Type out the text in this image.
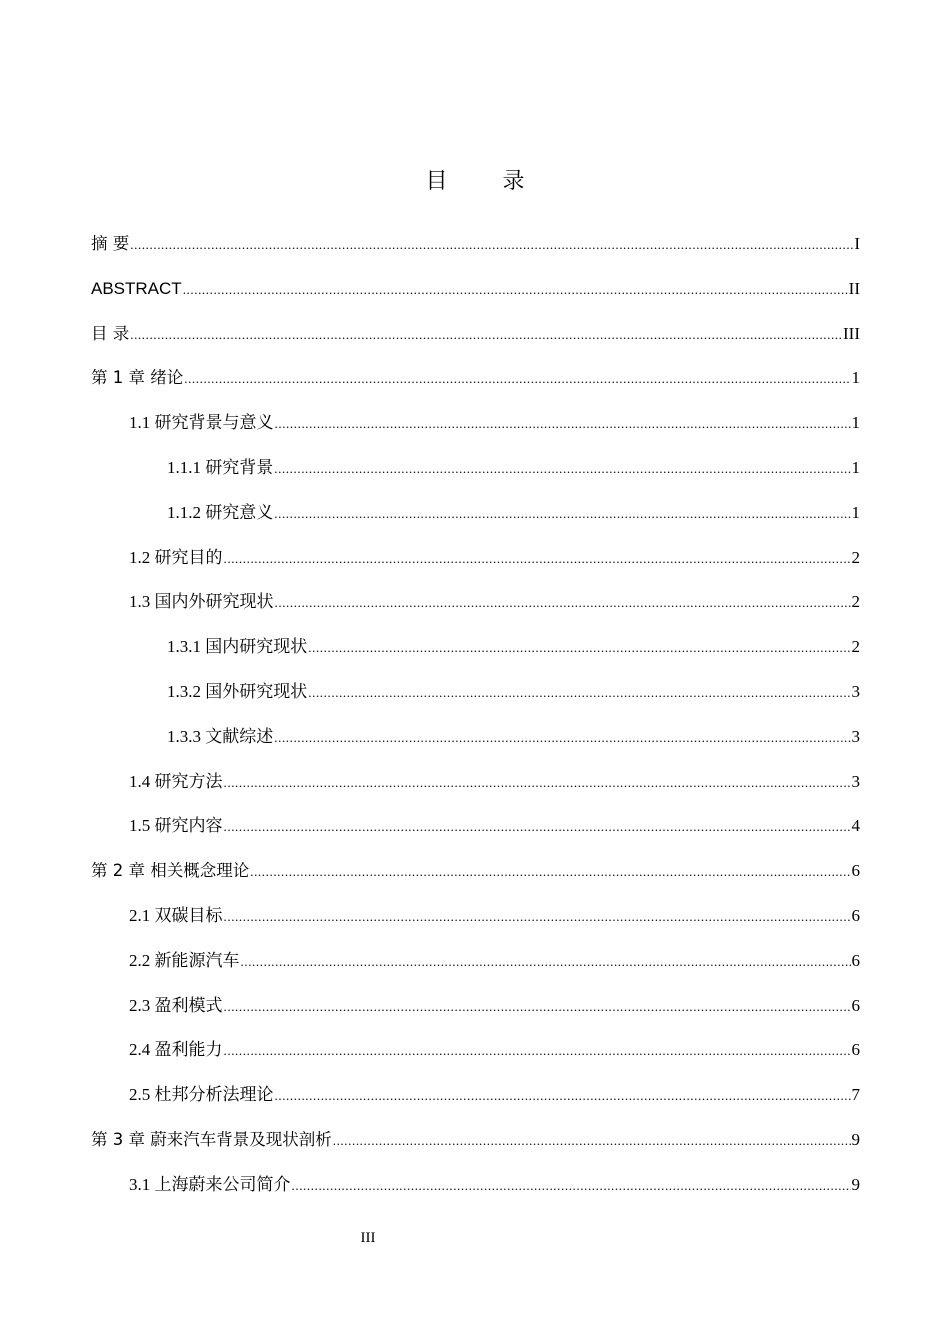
目 录
摘 要 .....	I
ABSTRACT .....	II
目 录 .....	III
第 1 章 绪论 .....	1
1.1 研究背景与意义 .....	1
1.1.1 研究背景 .....	1
1.1.2 研究意义 .....	1
1.2 研究目的 .....	2
1.3 国内外研究现状 .....	2
1.3.1 国内研究现状 .....	2
1.3.2 国外研究现状 .....	3
1.3.3 文献综述 .....	3
1.4 研究方法 .....	3
1.5 研究内容 .....	4
第 2 章 相关概念理论 .....	6
2.1 双碳目标 .....	6
2.2 新能源汽车 .....	6
2.3 盈利模式 .....	6
2.4 盈利能力 .....	6
2.5 杜邦分析法理论 .....	7
第 3 章 蔚来汽车背景及现状剖析 .....	9
3.1 上海蔚来公司简介 .....	9
III
